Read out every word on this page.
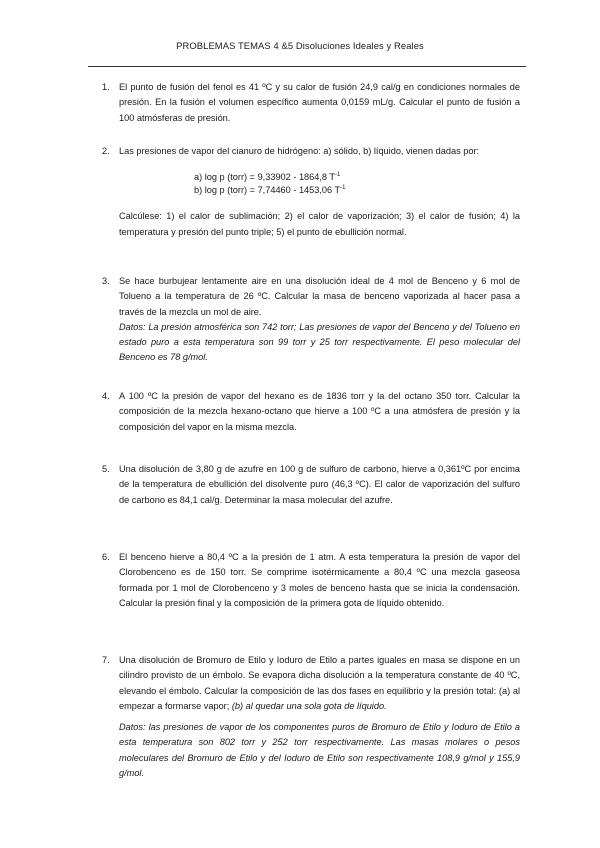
PROBLEMAS TEMAS 4 &5 Disoluciones Ideales y Reales
1. El punto de fusión del fenol es 41 ºC y su calor de fusión 24,9 cal/g en condiciones normales de presión. En la fusión el volumen específico aumenta 0,0159 mL/g. Calcular el punto de fusión a 100 atmósferas de presión.

2. Las presiones de vapor del cianuro de hidrógeno: a) sólido, b) líquido, vienen dadas por:

a) log p (torr) = 9,33902 - 1864,8 $T^{-1}$
b) log p (torr) = 7,74460 - 1453,06 $T^{-1}$

Calcúlese: 1) el calor de sublimación; 2) el calor de vaporización; 3) el calor de fusión; 4) la temperatura y presión del punto triple; 5) el punto de ebullición normal.

3. Se hace burbujear lentamente aire en una disolución ideal de 4 mol de Benceno y 6 mol de Tolueno a la temperatura de 26 ºC. Calcular la masa de benceno vaporizada al hacer pasa a través de la mezcla un mol de aire.

Datos: La presión atmosférica son 742 torr; Las presiones de vapor del Benceno y del Tolueno en estado puro a esta temperatura son 99 torr y 25 torr respectivamente. El peso molecular del Benceno es 78 g/mol.

4. A 100 ºC la presión de vapor del hexano es de 1836 torr y la del octano 350 torr. Calcular la composición de la mezcla hexano-octano que hierve a 100 ºC a una atmósfera de presión y la composición del vapor en la misma mezcla.

5. Una disolución de 3,80 g de azufre en 100 g de sulfuro de carbono, hierve a 0,361ºC por encima de la temperatura de ebullición del disolvente puro (46,3 ºC). El calor de vaporización del sulfuro de carbono es 84,1 cal/g. Determinar la masa molecular del azufre.

6. El benceno hierve a 80,4 ºC a la presión de 1 atm. A esta temperatura la presión de vapor del Clorobenceno es de 150 torr. Se comprime isotérmicamente a 80,4 ºC una mezcla gaseosa formada por 1 mol de Clorobenceno y 3 moles de benceno hasta que se inicia la condensación. Calcular la presión final y la composición de la primera gota de líquido obtenido.

7. Una disolución de Bromuro de Etilo y Ioduro de Etilo a partes iguales en masa se dispone en un cilindro provisto de un émbolo. Se evapora dicha disolución a la temperatura constante de 40 ºC, elevando el émbolo. Calcular la composición de las dos fases en equilibrio y la presión total: (a) al empezar a formarse vapor; (b) al quedar una sola gota de líquido.

Datos: las presiones de vapor de los componentes puros de Bromuro de Etilo y Ioduro de Etilo a esta temperatura son 802 torr y 252 torr respectivamente. Las masas molares o pesos moleculares del Bromuro de Etilo y del Ioduro de Etilo son respectivamente 108,9 g/mol y 155,9 g/mol.
